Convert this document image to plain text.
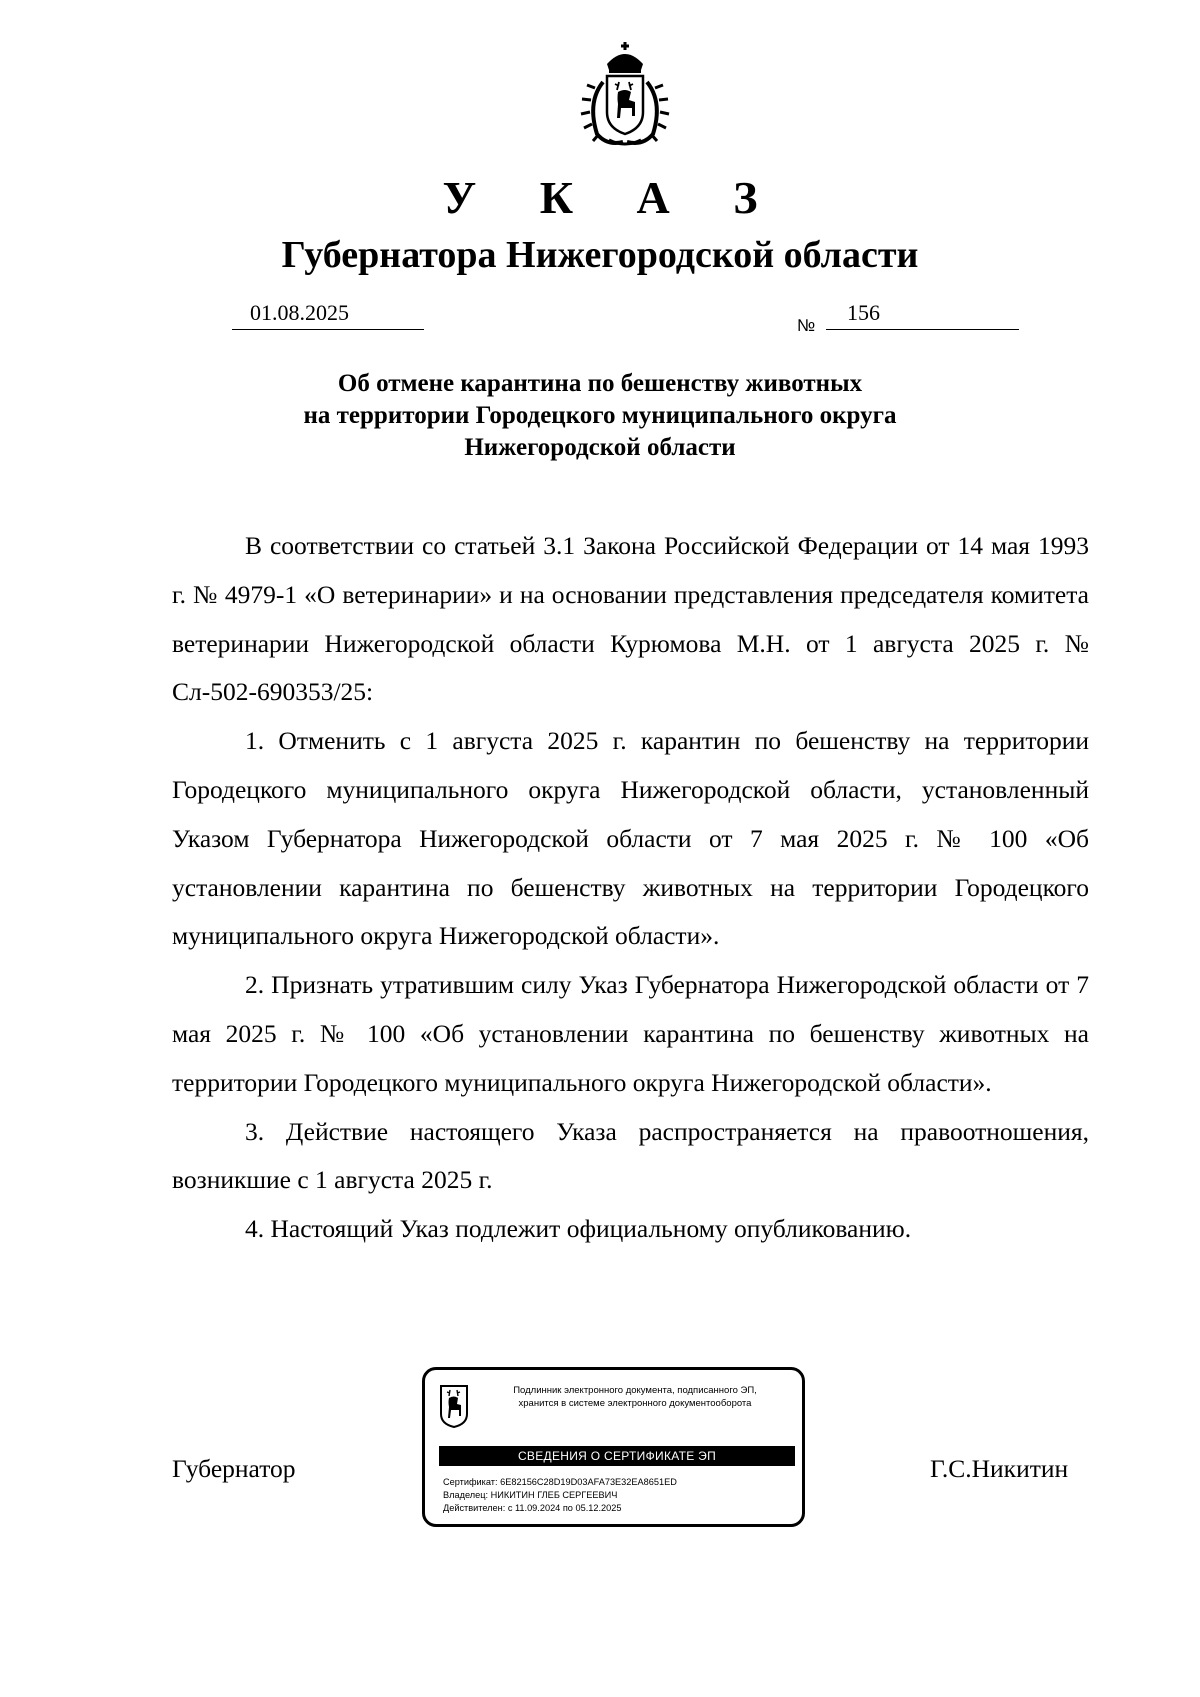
У К А З
Губернатора Нижегородской области
01.08.2025
№
156
Об отмене карантина по бешенству животных
на территории Городецкого муниципального округа
Нижегородской области

В соответствии со статьей 3.1 Закона Российской Федерации от 14 мая 1993 г. № 4979-1 «О ветеринарии» и на основании представления председателя комитета ветеринарии Нижегородской области Курюмова М.Н. от 1 августа 2025 г. № Сл-502-690353/25:

1. Отменить с 1 августа 2025 г. карантин по бешенству на территории Городецкого муниципального округа Нижегородской области, установленный Указом Губернатора Нижегородской области от 7 мая 2025 г. № 100 «Об установлении карантина по бешенству животных на территории Городецкого муниципального округа Нижегородской области».

2. Признать утратившим силу Указ Губернатора Нижегородской области от 7 мая 2025 г. № 100 «Об установлении карантина по бешенству животных на территории Городецкого муниципального округа Нижегородской области».

3. Действие настоящего Указа распространяется на правоотношения, возникшие с 1 августа 2025 г.

4. Настоящий Указ подлежит официальному опубликованию.

Губернатор	Г.С.Никитин
Подлинник электронного документа, подписанного ЭП,
хранится в системе электронного документооборота
СВЕДЕНИЯ О СЕРТИФИКАТЕ ЭП
Сертификат: 6E82156C28D19D03AFA73E32EA8651ED
Владелец: НИКИТИН ГЛЕБ СЕРГЕЕВИЧ
Действителен: с 11.09.2024 по 05.12.2025
